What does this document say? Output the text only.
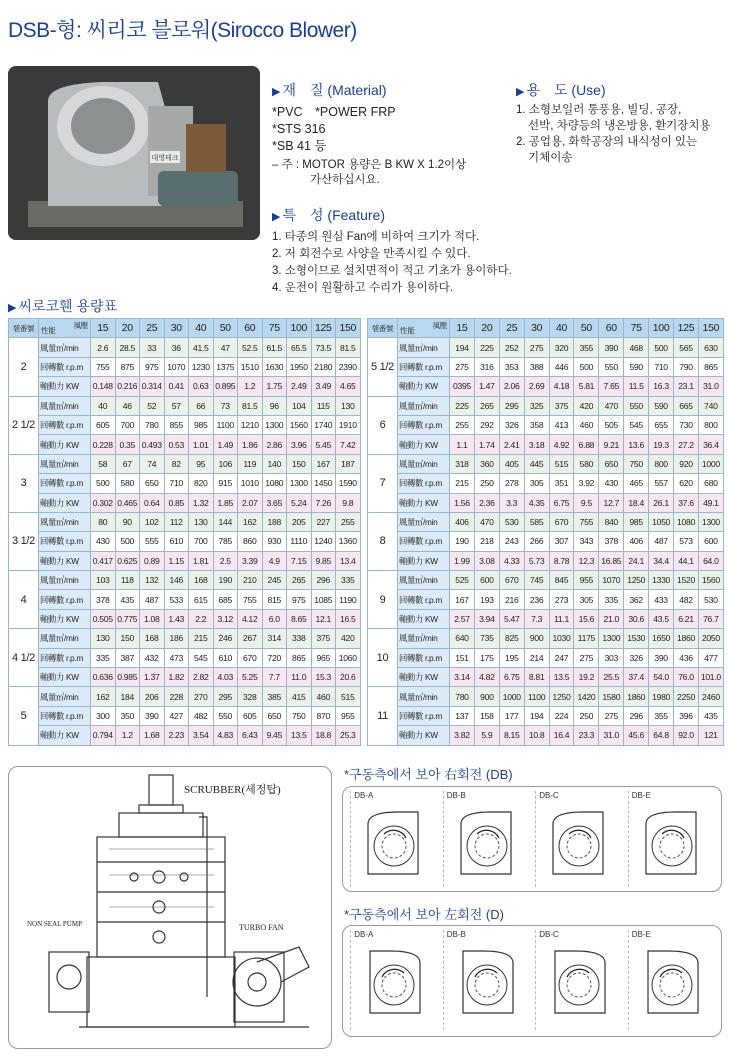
DSB-형: 씨리코 블로워(Sirocco Blower)
대영테크
▶ 재　질 (Material)
*PVC　*POWER FRP
*STS 316
*SB 41 등
– 주 : MOTOR 용량은 B KW X 1.2이상
가산하십시요.
▶ 용　도 (Use)
1. 소형보일러 통풍용, 빌딩, 공장,
선박, 차량등의 냉온방용, 환기장치용
2. 공업용, 화학공장의 내식성이 있는
기체이송
▶ 특　성 (Feature)
1. 타종의 원심 Fan에 비하여 크기가 적다.
2. 저 회전수로 사양을 만족시킬 수 있다.
3. 소형이므로 설치면적이 적고 기초가 용이하다.
4. 운전이 원활하고 수리가 용이하다.
▶ 씨로코휀 용량표
휀番號	性能
風壓	15	20	25	30	40	50	60	75	100	125	150
2	風量㎥/min	2.6	28.5	33	36	41.5	47	52.5	61.5	65.5	73.5	81.5
	回轉數 r.p.m	755	875	975	1070	1230	1375	1510	1630	1950	2180	2390
	軸動力 KW	0.148	0.216	0.314	0.41	0.63	0.895	1.2	1.75	2.49	3.49	4.65
2 1/2	風量㎥/min	40	46	52	57	66	73	81.5	96	104	115	130
	回轉數 r.p.m	605	700	780	855	985	1100	1210	1300	1560	1740	1910
	軸動力 KW	0.228	0.35	0.493	0.53	1.01	1.49	1.86	2.86	3.96	5.45	7.42
3	風量㎥/min	58	67	74	82	95	106	119	140	150	167	187
	回轉數 r.p.m	500	580	650	710	820	915	1010	1080	1300	1450	1590
	軸動力 KW	0.302	0.465	0.64	0.85	1.32	1.85	2.07	3.65	5.24	7.26	9.8
3 1/2	風量㎥/min	80	90	102	112	130	144	162	188	205	227	255
	回轉數 r.p.m	430	500	555	610	700	785	860	930	1110	1240	1360
	軸動力 KW	0.417	0.625	0.89	1.15	1.81	2.5	3.39	4.9	7.15	9.85	13.4
4	風量㎥/min	103	118	132	146	168	190	210	245	265	296	335
	回轉數 r.p.m	378	435	487	533	615	685	755	815	975	1085	1190
	軸動力 KW	0.505	0.775	1.08	1.43	2.2	3.12	4.12	6.0	8.65	12.1	16.5
4 1/2	風量㎥/min	130	150	168	186	215	246	267	314	338	375	420
	回轉數 r.p.m	335	387	432	473	545	610	670	720	865	965	1060
	軸動力 KW	0.636	0.985	1.37	1.82	2.82	4.03	5.25	7.7	11.0	15.3	20.6
5	風量㎥/min	162	184	206	228	270	295	328	385	415	460	515
	回轉數 r.p.m	300	350	390	427	482	550	605	650	750	870	955
	軸動力 KW	0.794	1.2	1.68	2.23	3.54	4.83	6.43	9.45	13.5	18.8	25.3
휀番號	性能
風壓	15	20	25	30	40	50	60	75	100	125	150
5 1/2	風量㎥/min	194	225	252	275	320	355	390	468	500	565	630
	回轉數 r.p.m	275	316	353	388	446	500	550	590	710	790	865
	軸動力 KW	0395	1.47	2.06	2.69	4.18	5.81	7.65	11.5	16.3	23.1	31.0
6	風量㎥/min	225	265	295	325	375	420	470	550	590	665	740
	回轉數 r.p.m	255	292	326	358	413	460	505	545	655	730	800
	軸動力 KW	1.1	1.74	2.41	3.18	4.92	6.88	9.21	13.6	19.3	27.2	36.4
7	風量㎥/min	318	360	405	445	515	580	650	750	800	920	1000
	回轉數 r.p.m	215	250	278	305	351	3.92	430	465	557	620	680
	軸動力 KW	1.56	2.36	3.3	4.35	6.75	9.5	12.7	18.4	26.1	37.6	49.1
8	風量㎥/min	406	470	530	585	670	755	840	985	1050	1080	1300
	回轉數 r.p.m	190	218	243	266	307	343	378	406	487	573	600
	軸動力 KW	1.99	3.08	4.33	5.73	8.78	12.3	16.85	24.1	34.4	44.1	64.0
9	風量㎥/min	525	600	670	745	845	955	1070	1250	1330	1520	1560
	回轉數 r.p.m	167	193	216	236	273	305	335	362	433	482	530
	軸動力 KW	2.57	3.94	5.47	7.3	11.1	15.6	21.0	30.6	43.5	6.21	76.7
10	風量㎥/min	640	735	825	900	1030	1175	1300	1530	1650	1860	2050
	回轉數 r.p.m	151	175	195	214	247	275	303	326	390	436	477
	軸動力 KW	3.14	4.82	6.75	8.81	13.5	19.2	25.5	37.4	54.0	76.0	101.0
11	風量㎥/min	780	900	1000	1100	1250	1420	1580	1860	1980	2250	2460
	回轉數 r.p.m	137	158	177	194	224	250	275	296	355	396	435
	軸動力 KW	3.82	5.9	8.15	10.8	16.4	23.3	31.0	45.6	64.8	92.0	121
SCRUBBER(세정탑)
NON SEAL PUMP	TURBO FAN
*구동측에서 보아 右회전 (DB)
DB-A	DB-B	DB-C	DB-E
*구동측에서 보아 左회전 (D)
DB-A	DB-B	DB-C	DB-E
